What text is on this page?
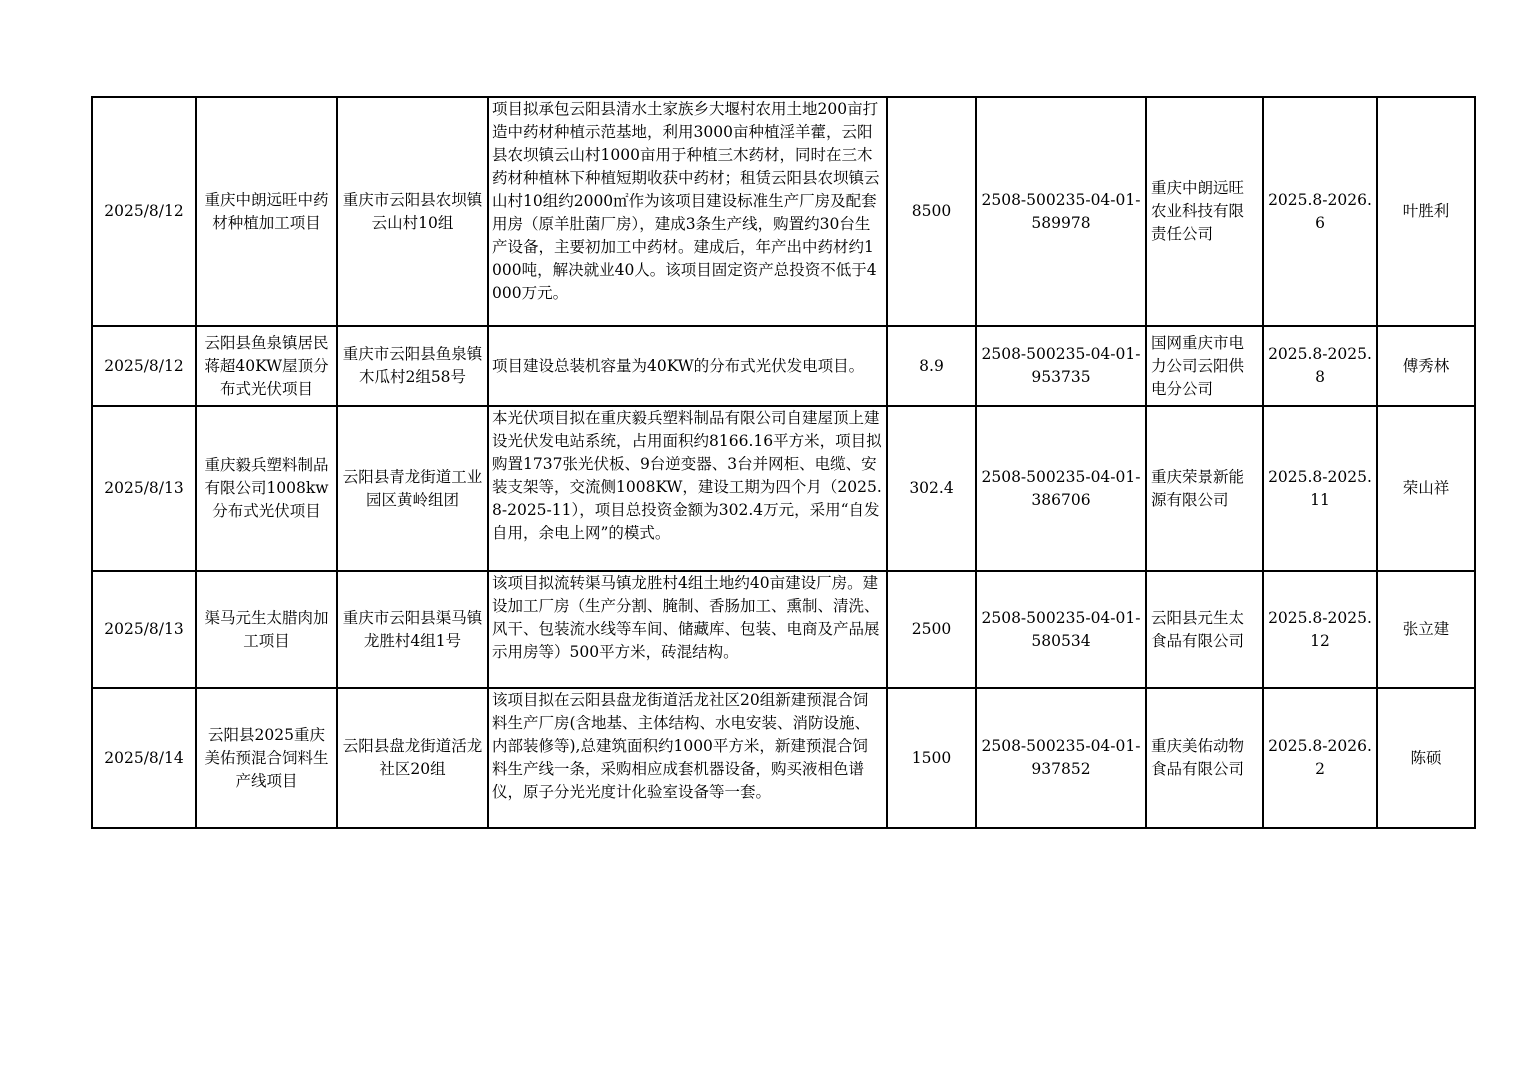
2025/8/12	重庆中朗远旺中药材种植加工项目	重庆市云阳县农坝镇云山村10组	项目拟承包云阳县清水土家族乡大堰村农用土地200亩打造中药材种植示范基地，利用3000亩种植淫羊藿，云阳县农坝镇云山村1000亩用于种植三木药材，同时在三木药材种植林下种植短期收获中药材；租赁云阳县农坝镇云山村10组约2000㎡作为该项目建设标准生产厂房及配套用房（原羊肚菌厂房），建成3条生产线，购置约30台生产设备，主要初加工中药材。建成后，年产出中药材约1000吨，解决就业40人。该项目固定资产总投资不低于4000万元。	8500	2508-500235-04-01-589978	重庆中朗远旺农业科技有限责任公司	2025.8-2026.6	叶胜利

2025/8/12	云阳县鱼泉镇居民蒋超40KW屋顶分布式光伏项目	重庆市云阳县鱼泉镇木瓜村2组58号	项目建设总装机容量为40KW的分布式光伏发电项目。	8.9	2508-500235-04-01-953735	国网重庆市电力公司云阳供电分公司	2025.8-2025.8	傅秀林

2025/8/13	重庆毅兵塑料制品有限公司1008kw分布式光伏项目	云阳县青龙街道工业园区黄岭组团	本光伏项目拟在重庆毅兵塑料制品有限公司自建屋顶上建设光伏发电站系统，占用面积约8166.16平方米，项目拟购置1737张光伏板、9台逆变器、3台并网柜、电缆、安装支架等，交流侧1008KW，建设工期为四个月（2025.8-2025-11），项目总投资金额为302.4万元，采用“自发自用，余电上网”的模式。	302.4	2508-500235-04-01-386706	重庆荣景新能源有限公司	2025.8-2025.11	荣山祥

2025/8/13	渠马元生太腊肉加工项目	重庆市云阳县渠马镇龙胜村4组1号	该项目拟流转渠马镇龙胜村4组土地约40亩建设厂房。建设加工厂房（生产分割、腌制、香肠加工、熏制、清洗、风干、包装流水线等车间、储藏库、包装、电商及产品展示用房等）500平方米，砖混结构。	2500	2508-500235-04-01-580534	云阳县元生太食品有限公司	2025.8-2025.12	张立建

2025/8/14	云阳县2025重庆美佑预混合饲料生产线项目	云阳县盘龙街道活龙社区20组	该项目拟在云阳县盘龙街道活龙社区20组新建预混合饲料生产厂房(含地基、主体结构、水电安装、消防设施、内部装修等),总建筑面积约1000平方米，新建预混合饲料生产线一条，采购相应成套机器设备，购买液相色谱仪，原子分光光度计化验室设备等一套。	1500	2508-500235-04-01-937852	重庆美佑动物食品有限公司	2025.8-2026.2	陈硕
